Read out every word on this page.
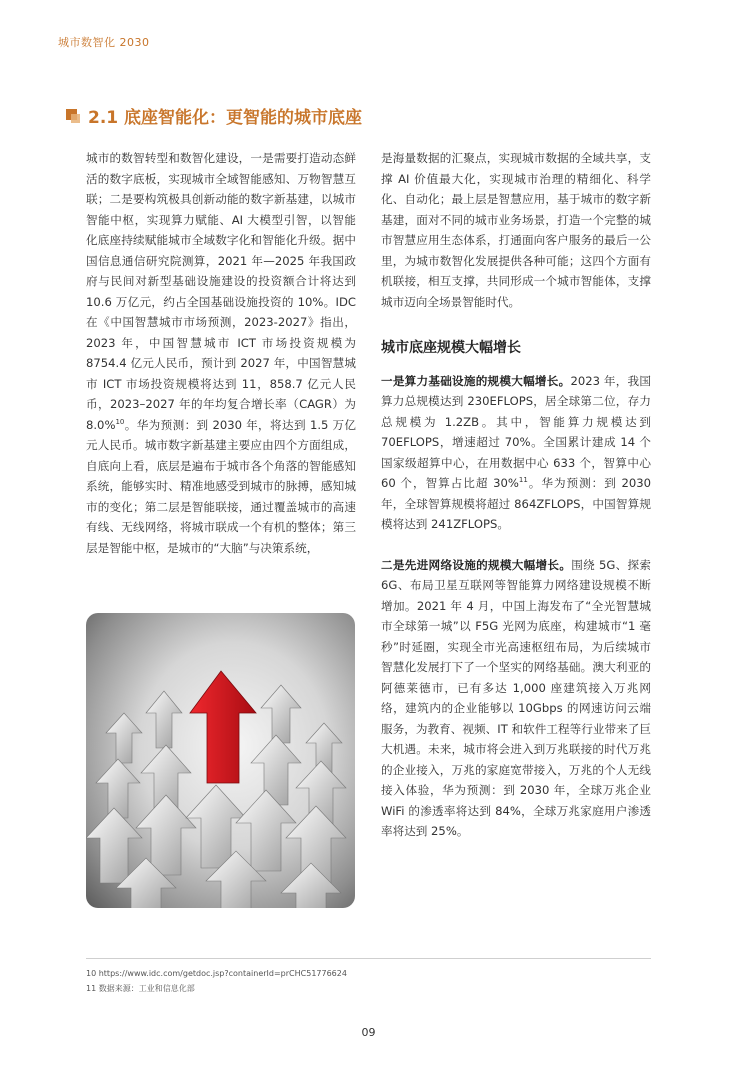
城市数智化 2030
2.1 底座智能化：更智能的城市底座

城市的数智转型和数智化建设，一是需要打造动态鲜活的数字底板，实现城市全域智能感知、万物智慧互联；二是要构筑极具创新动能的数字新基建，以城市智能中枢，实现算力赋能、AI 大模型引智，以智能化底座持续赋能城市全域数字化和智能化升级。据中国信息通信研究院测算，2021 年—2025 年我国政府与民间对新型基础设施建设的投资额合计将达到 10.6 万亿元，约占全国基础设施投资的 10%。IDC 在《中国智慧城市市场预测，2023-2027》指出，2023 年，中国智慧城市 ICT 市场投资规模为 8754.4 亿元人民币，预计到 2027 年，中国智慧城市 ICT 市场投资规模将达到 11，858.7 亿元人民币，2023–2027 年的年均复合增长率（CAGR）为 8.0%$^{10}$。华为预测：到 2030 年，将达到 1.5 万亿元人民币。城市数字新基建主要应由四个方面组成，自底向上看，底层是遍布于城市各个角落的智能感知系统，能够实时、精准地感受到城市的脉搏，感知城市的变化；第二层是智能联接，通过覆盖城市的高速有线、无线网络，将城市联成一个有机的整体；第三层是智能中枢，是城市的“大脑”与决策系统，

是海量数据的汇聚点，实现城市数据的全域共享，支撑 AI 价值最大化，实现城市治理的精细化、科学化、自动化；最上层是智慧应用，基于城市的数字新基建，面对不同的城市业务场景，打造一个完整的城市智慧应用生态体系，打通面向客户服务的最后一公里，为城市数智化发展提供各种可能；这四个方面有机联接，相互支撑，共同形成一个城市智能体，支撑城市迈向全场景智能时代。

城市底座规模大幅增长

一是算力基础设施的规模大幅增长。2023 年，我国算力总规模达到 230EFLOPS，居全球第二位，存力总规模为 1.2ZB。其中，智能算力规模达到 70EFLOPS，增速超过 70%。全国累计建成 14 个国家级超算中心，在用数据中心 633 个，智算中心 60 个，智算占比超 30%$^{11}$。华为预测：到 2030 年，全球智算规模将超过 864ZFLOPS，中国智算规模将达到 241ZFLOPS。

二是先进网络设施的规模大幅增长。围绕 5G、探索 6G、布局卫星互联网等智能算力网络建设规模不断增加。2021 年 4 月，中国上海发布了“全光智慧城市全球第一城”以 F5G 光网为底座，构建城市“1 毫秒”时延圈，实现全市光高速枢纽布局，为后续城市智慧化发展打下了一个坚实的网络基础。澳大利亚的阿德莱德市，已有多达 1,000 座建筑接入万兆网络，建筑内的企业能够以 10Gbps 的网速访问云端服务，为教育、视频、IT 和软件工程等行业带来了巨大机遇。未来，城市将会进入到万兆联接的时代万兆的企业接入，万兆的家庭宽带接入，万兆的个人无线接入体验，华为预测：到 2030 年，全球万兆企业 WiFi 的渗透率将达到 84%，全球万兆家庭用户渗透率将达到 25%。

10 https://www.idc.com/getdoc.jsp?containerId=prCHC51776624
11 数据来源：工业和信息化部
09
